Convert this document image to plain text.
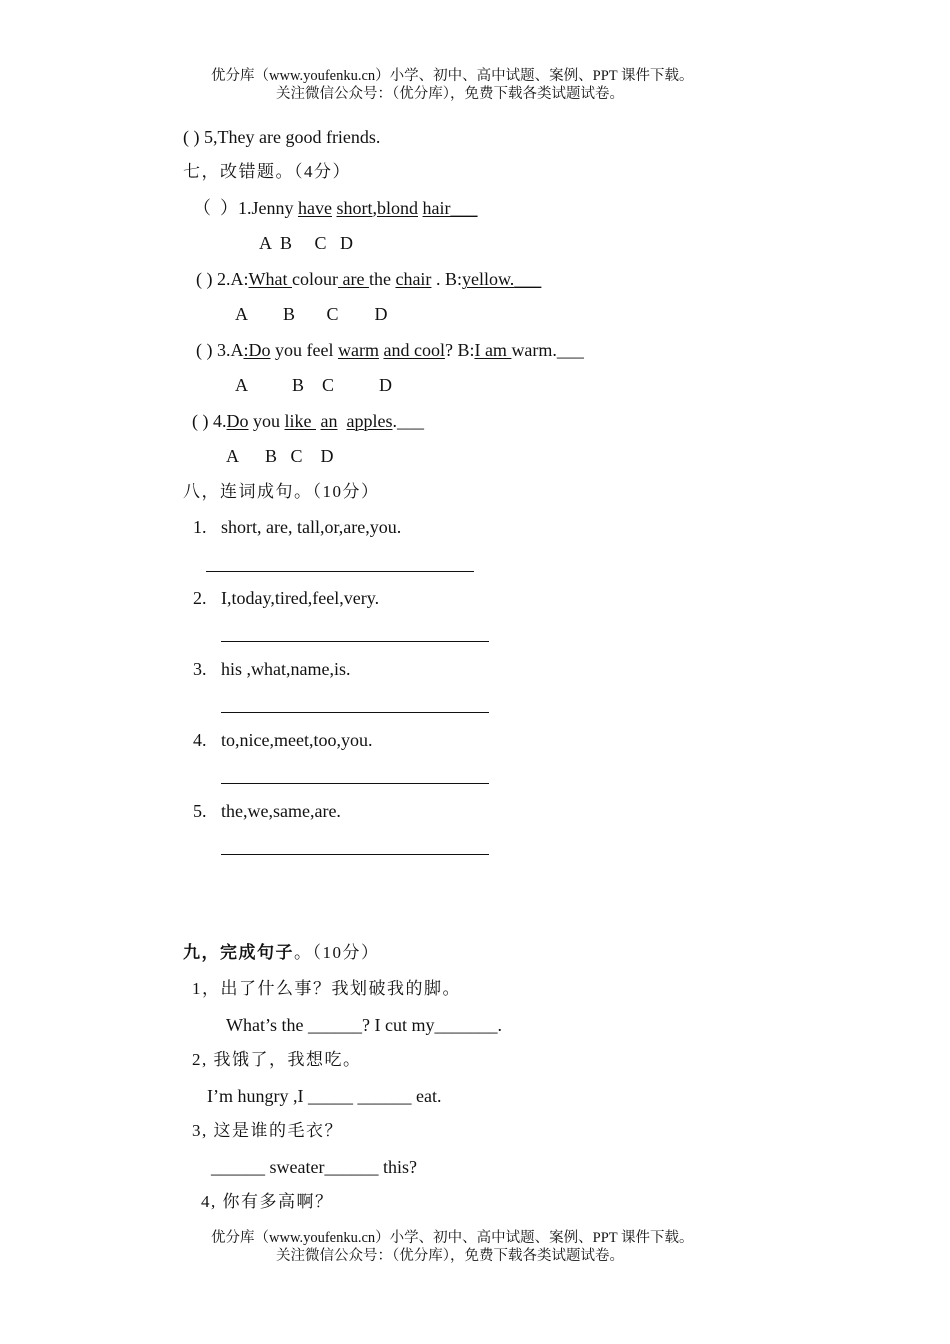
优分库（www.youfenku.cn）小学、初中、高中试题、案例、PPT 课件下载。
关注微信公众号：（优分库），免费下载各类试题试卷。
( ) 5,They are good friends.
七，改错题。（4分）
（  ）1.Jenny have short,blond hair___
A  B     C   D
( ) 2.A:What colour are the chair . B:yellow.___
A        B       C        D
( ) 3.A:Do you feel warm and cool? B:I am warm.___
A          B    C          D
( ) 4.Do you like  an apples.___
A      B   C    D
八，连词成句。（10分）
1. short, are, tall,or,are,you.
2. I,today,tired,feel,very.
3. his ,what,name,is.
4. to,nice,meet,too,you.
5. the,we,same,are.
九，完成句子。（10分）
1，出了什么事？我划破我的脚。
What’s the ______? I cut my_______.
2, 我饿了，我想吃。
I’m hungry ,I _____ ______ eat.
3, 这是谁的毛衣？
______ sweater______ this?
4, 你有多高啊？
优分库（www.youfenku.cn）小学、初中、高中试题、案例、PPT 课件下载。
关注微信公众号：（优分库），免费下载各类试题试卷。
